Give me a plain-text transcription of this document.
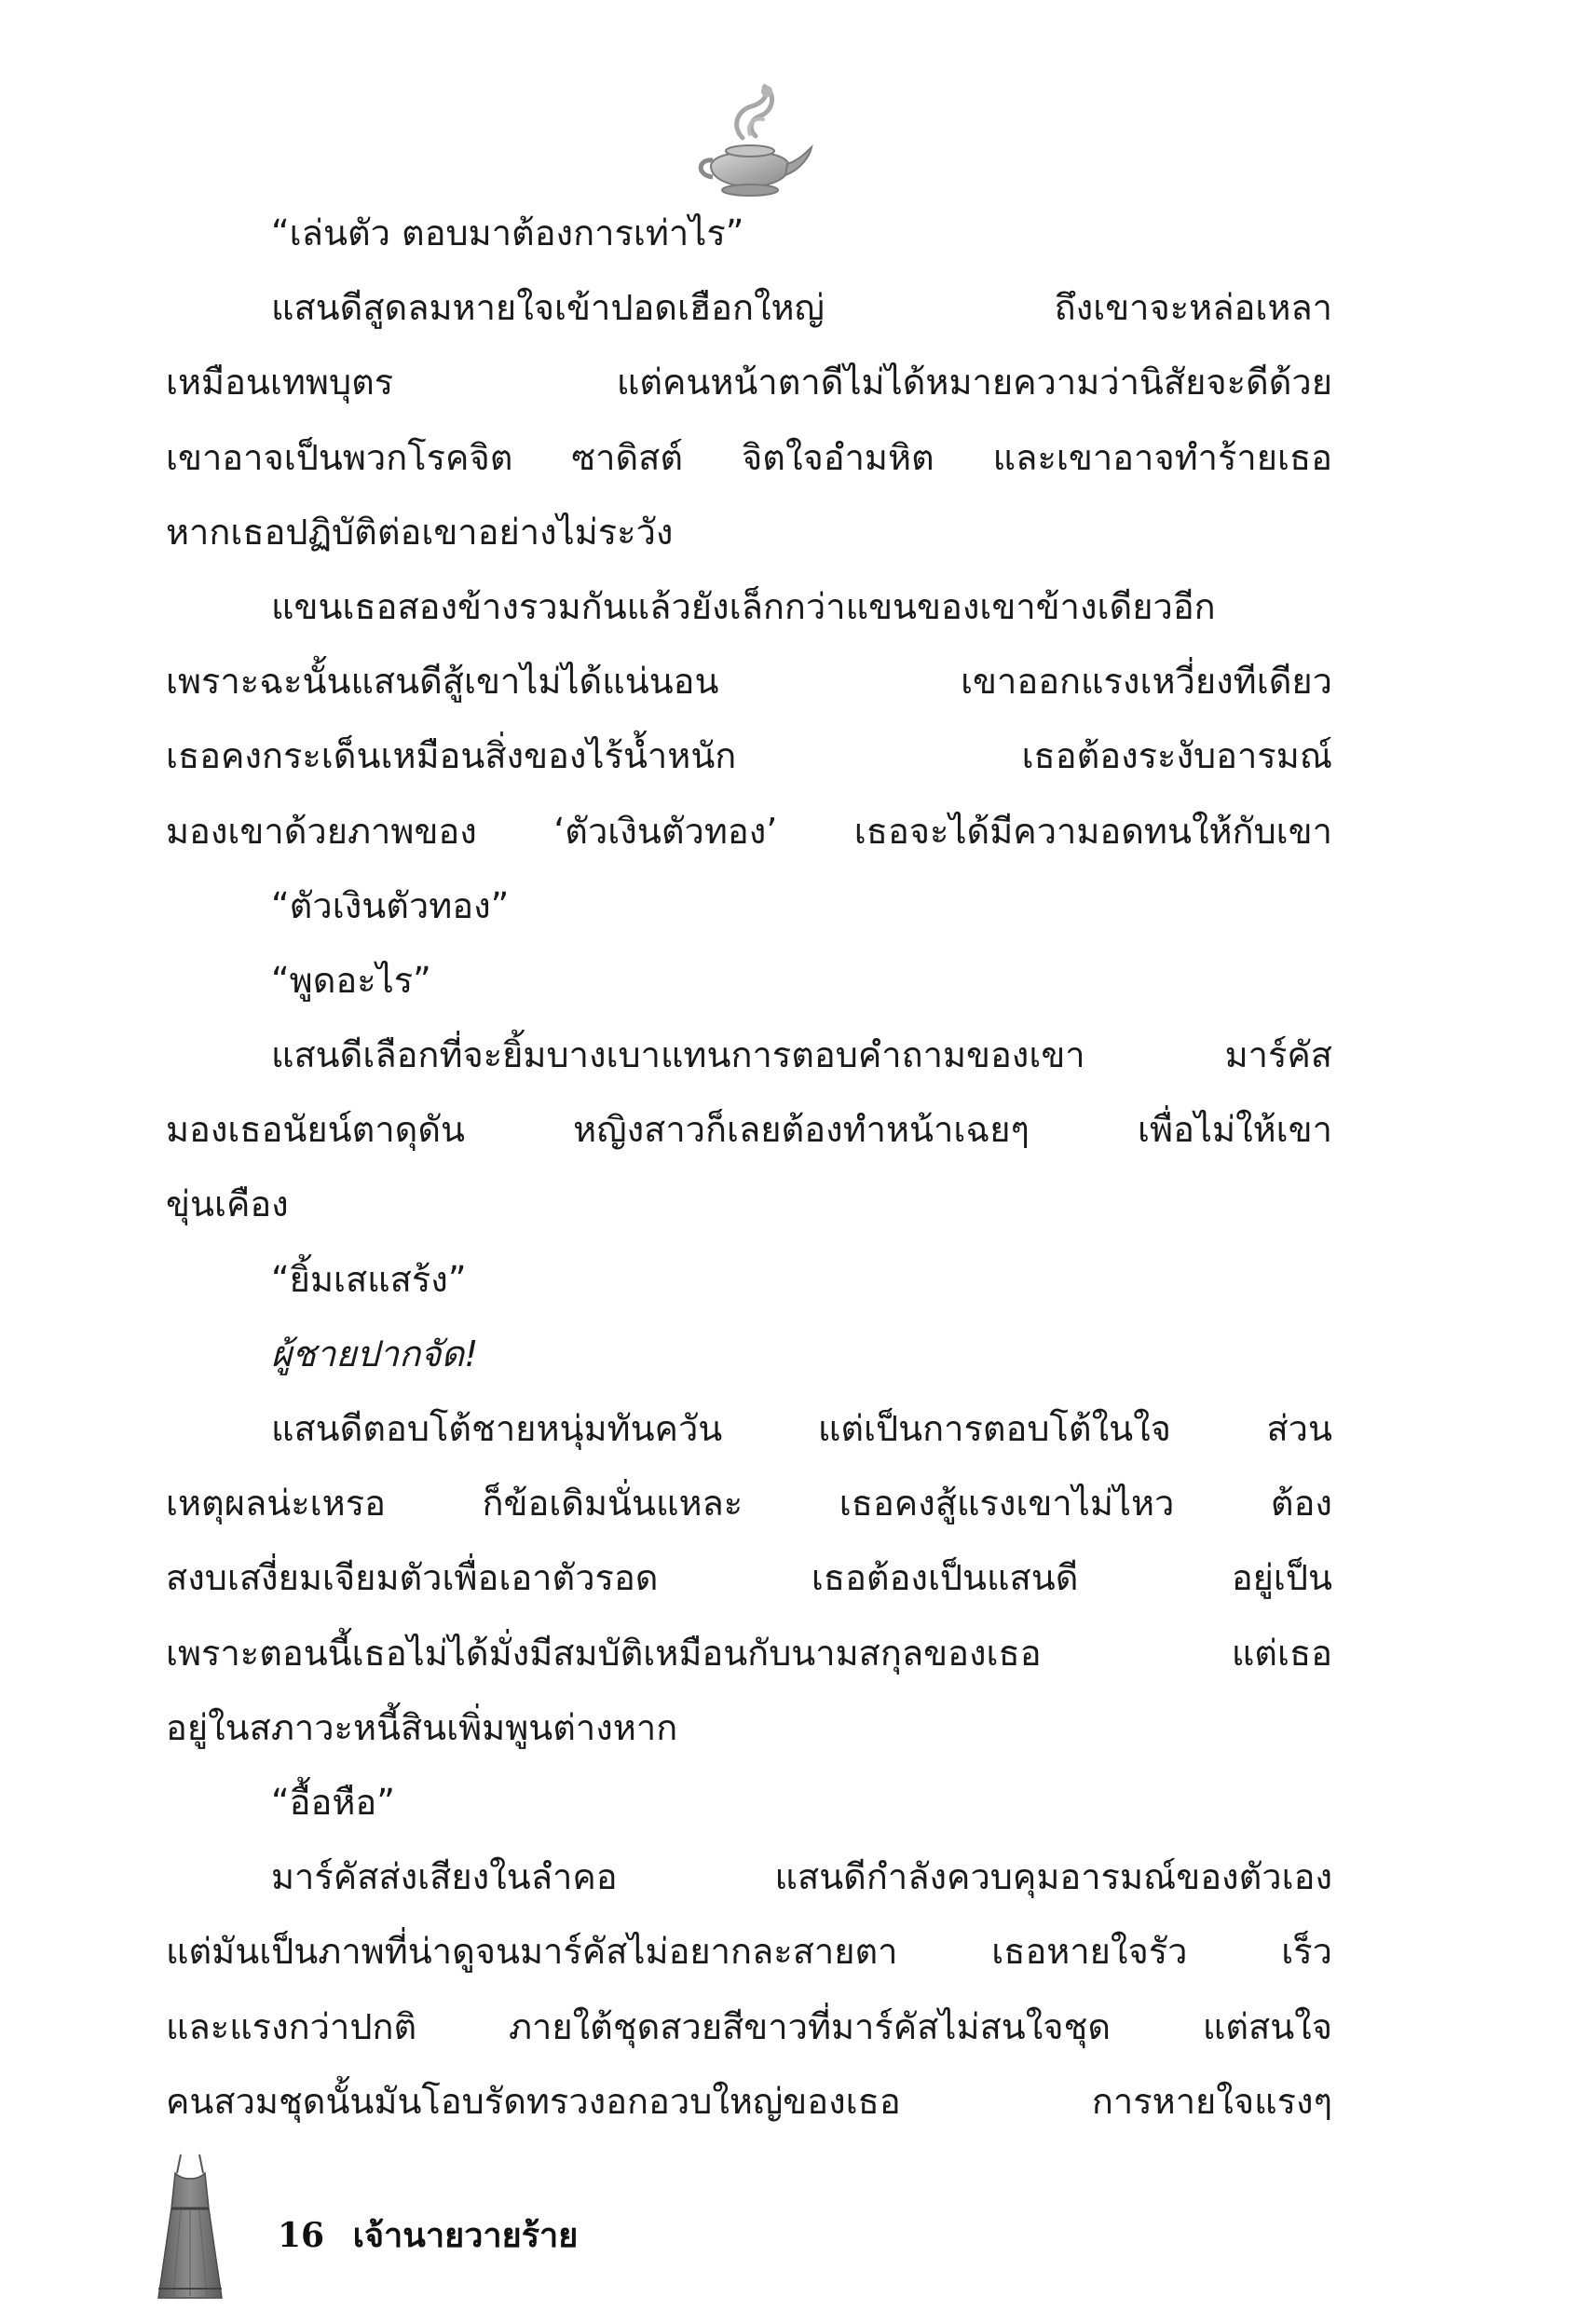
“เล่นตัว ตอบมาต้องการเท่าไร”
แสนดีสูดลมหายใจเข้าปอดเฮือกใหญ่ ถึงเขาจะหล่อเหลา
เหมือนเทพบุตร แต่คนหน้าตาดีไม่ได้หมายความว่านิสัยจะดีด้วย
เขาอาจเป็นพวกโรคจิต ซาดิสต์ จิตใจอำมหิต และเขาอาจทำร้ายเธอ
หากเธอปฏิบัติต่อเขาอย่างไม่ระวัง
แขนเธอสองข้างรวมกันแล้วยังเล็กกว่าแขนของเขาข้างเดียวอีก
เพราะฉะนั้นแสนดีสู้เขาไม่ได้แน่นอน เขาออกแรงเหวี่ยงทีเดียว
เธอคงกระเด็นเหมือนสิ่งของไร้น้ำหนัก เธอต้องระงับอารมณ์
มองเขาด้วยภาพของ ‘ตัวเงินตัวทอง’ เธอจะได้มีความอดทนให้กับเขา
“ตัวเงินตัวทอง”
“พูดอะไร”
แสนดีเลือกที่จะยิ้มบางเบาแทนการตอบคำถามของเขา มาร์คัส
มองเธอนัยน์ตาดุดัน หญิงสาวก็เลยต้องทำหน้าเฉยๆ เพื่อไม่ให้เขา
ขุ่นเคือง
“ยิ้มเสแสร้ง”
ผู้ชายปากจัด!
แสนดีตอบโต้ชายหนุ่มทันควัน แต่เป็นการตอบโต้ในใจ ส่วน
เหตุผลน่ะเหรอ ก็ข้อเดิมนั่นแหละ เธอคงสู้แรงเขาไม่ไหว ต้อง
สงบเสงี่ยมเจียมตัวเพื่อเอาตัวรอด เธอต้องเป็นแสนดี อยู่เป็น
เพราะตอนนี้เธอไม่ได้มั่งมีสมบัติเหมือนกับนามสกุลของเธอ แต่เธอ
อยู่ในสภาวะหนี้สินเพิ่มพูนต่างหาก
“อื้อหือ”
มาร์คัสส่งเสียงในลำคอ แสนดีกำลังควบคุมอารมณ์ของตัวเอง
แต่มันเป็นภาพที่น่าดูจนมาร์คัสไม่อยากละสายตา เธอหายใจรัว เร็ว
และแรงกว่าปกติ ภายใต้ชุดสวยสีขาวที่มาร์คัสไม่สนใจชุด แต่สนใจ
คนสวมชุดนั้นมันโอบรัดทรวงอกอวบใหญ่ของเธอ การหายใจแรงๆ
16 เจ้านายวายร้าย
